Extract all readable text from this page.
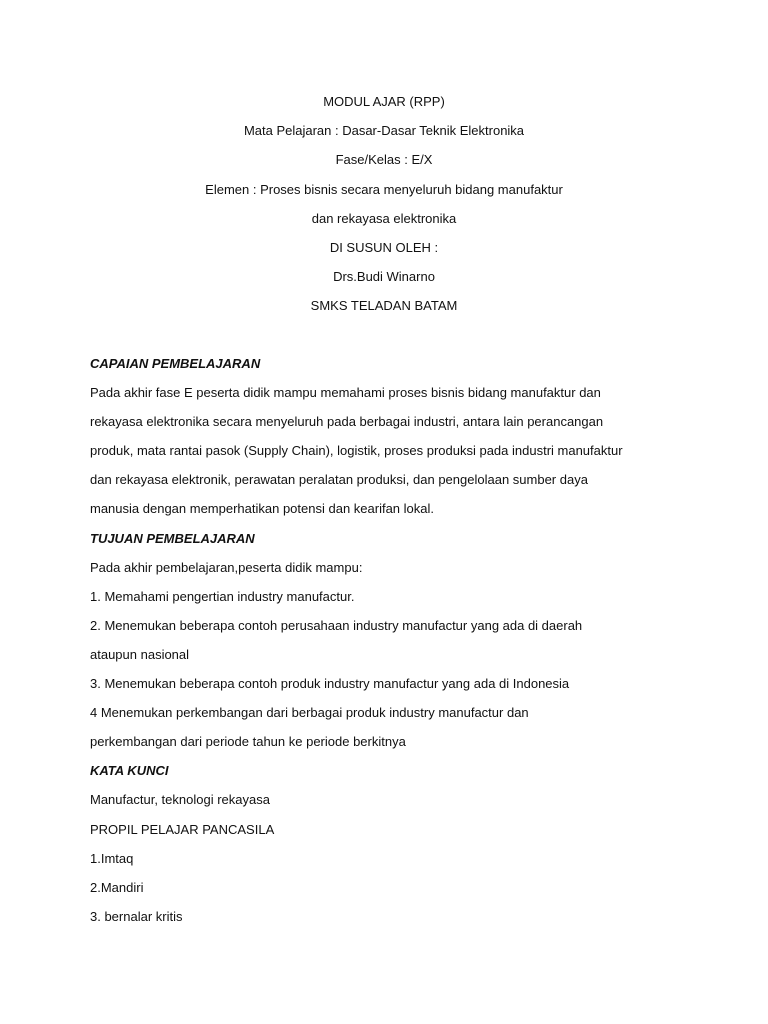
MODUL AJAR (RPP)
Mata Pelajaran : Dasar-Dasar Teknik Elektronika
Fase/Kelas : E/X
Elemen : Proses bisnis secara menyeluruh bidang manufaktur
dan rekayasa elektronika
DI SUSUN OLEH :
Drs.Budi Winarno
SMKS TELADAN BATAM
CAPAIAN PEMBELAJARAN
Pada akhir fase E peserta didik mampu memahami proses bisnis bidang manufaktur dan
rekayasa elektronika secara menyeluruh pada berbagai industri, antara lain perancangan
produk, mata rantai pasok (Supply Chain), logistik, proses produksi pada industri manufaktur
dan rekayasa elektronik, perawatan peralatan produksi, dan pengelolaan sumber daya
manusia dengan memperhatikan potensi dan kearifan lokal.
TUJUAN PEMBELAJARAN
Pada akhir pembelajaran,peserta didik mampu:
1. Memahami pengertian industry manufactur.
2. Menemukan beberapa contoh perusahaan industry manufactur yang ada di daerah
ataupun nasional
3. Menemukan beberapa contoh produk industry manufactur yang ada di Indonesia
4 Menemukan perkembangan dari berbagai produk industry manufactur dan
perkembangan dari periode tahun ke periode berkitnya
KATA KUNCI
Manufactur, teknologi rekayasa
PROPIL PELAJAR PANCASILA
1.Imtaq
2.Mandiri
3. bernalar kritis
